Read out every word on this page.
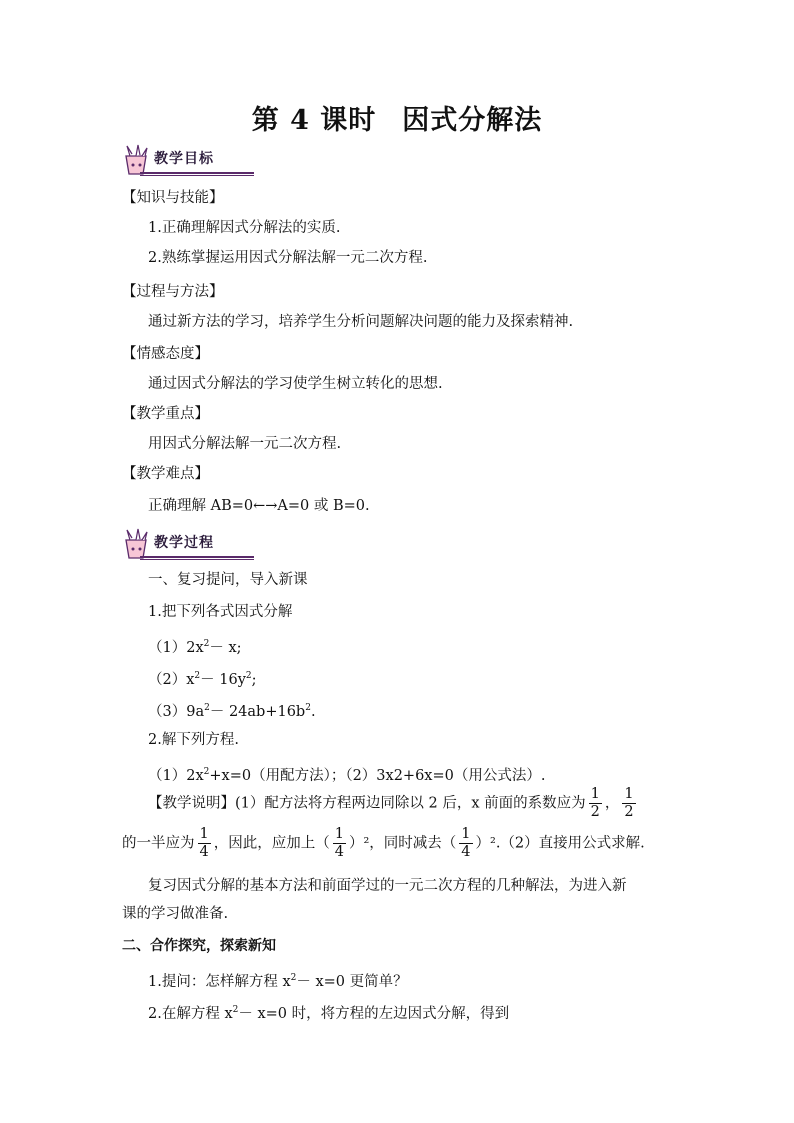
第 4 课时 因式分解法
教学目标
【知识与技能】
1.正确理解因式分解法的实质.
2.熟练掌握运用因式分解法解一元二次方程.
【过程与方法】
通过新方法的学习，培养学生分析问题解决问题的能力及探索精神.
【情感态度】
通过因式分解法的学习使学生树立转化的思想.
【教学重点】
用因式分解法解一元二次方程.
【教学难点】
正确理解 AB=0←→A=0 或 B=0.
教学过程
一、复习提问，导入新课
1.把下列各式因式分解
$(1)2x^2- x$;
$(2)x^2- 16y^2$;
$(3)9a^2- 24ab+16b^2$.
2.解下列方程.
$(1)2x^2+x=0$（用配方法）；（2）3x2+6x=0（用公式法）.
【教学说明】(1）配方法将方程两边同除以 2 后，x 前面的系数应为 $\frac{1}{2}$ ， $\frac{1}{2}$
的一半应为 $\frac{1}{4}$ ，因此，应加上（ $\frac{1}{4} )^2$，同时减去（ $\frac{1}{4} )^2.(2)$直接用公式求解.
复习因式分解的基本方法和前面学过的一元二次方程的几种解法，为进入新
课的学习做准备.
二、合作探究，探索新知
1.提问：怎样解方程 $x^2- x=0$ 更简单？
2.在解方程 $x^2- x=0$ 时，将方程的左边因式分解，得到
